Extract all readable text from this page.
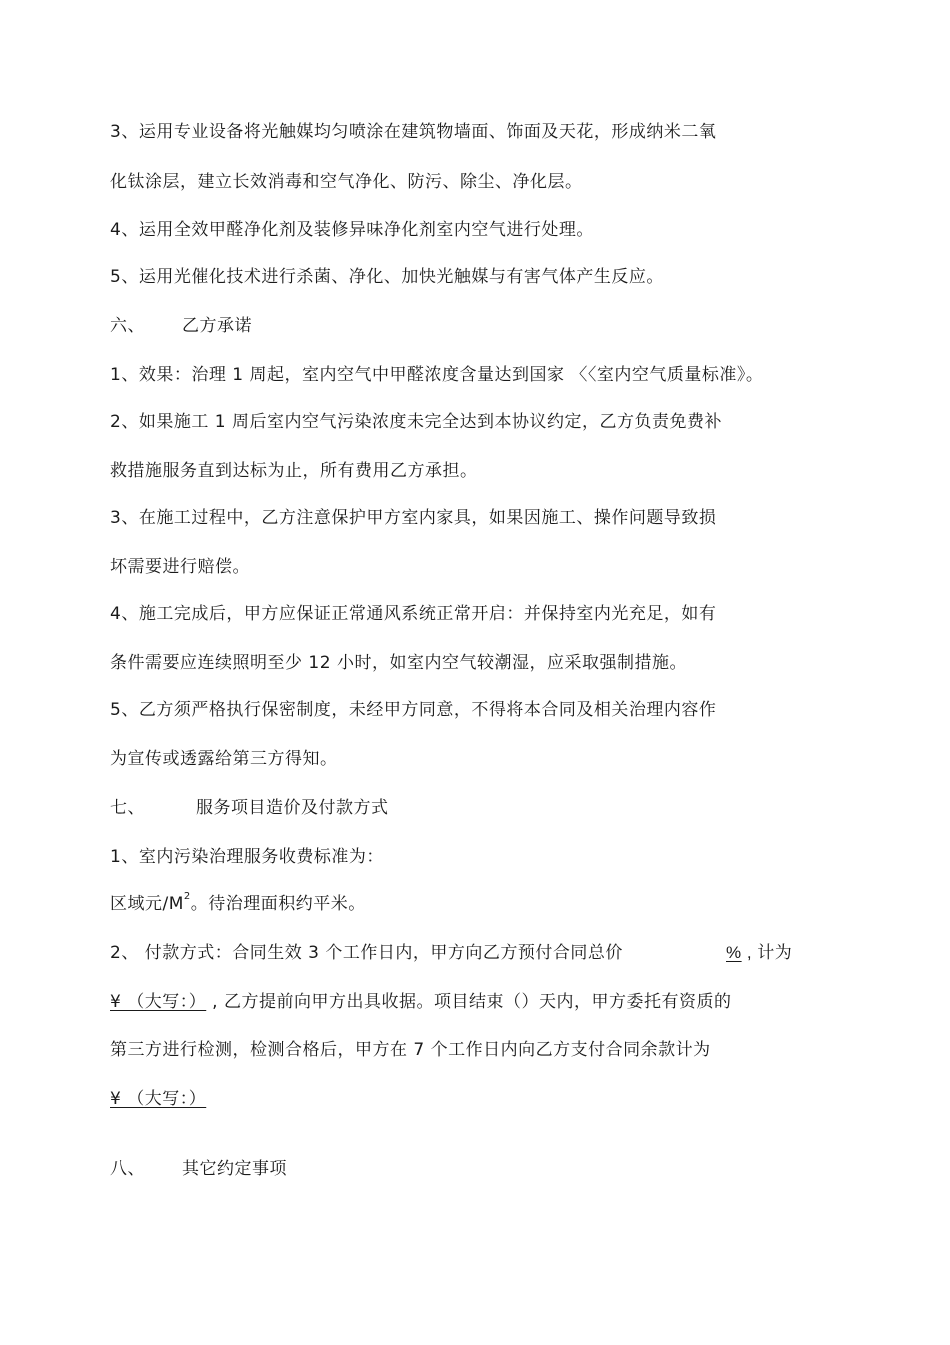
3、运用专业设备将光触媒均匀喷涂在建筑物墙面、饰面及天花，形成纳米二氧
化钛涂层，建立长效消毒和空气净化、防污、除尘、净化层。
4、运用全效甲醛净化剂及装修异味净化剂室内空气进行处理。
5、运用光催化技术进行杀菌、净化、加快光触媒与有害气体产生反应。
六、 乙方承诺
1、效果：治理 1 周起，室内空气中甲醛浓度含量达到国家 〈〈室内空气质量标准》。
2、如果施工 1 周后室内空气污染浓度未完全达到本协议约定，乙方负责免费补
救措施服务直到达标为止，所有费用乙方承担。
3、在施工过程中，乙方注意保护甲方室内家具，如果因施工、操作问题导致损
坏需要进行赔偿。
4、施工完成后，甲方应保证正常通风系统正常开启：并保持室内光充足，如有
条件需要应连续照明至少 12 小时，如室内空气较潮湿，应采取强制措施。
5、乙方须严格执行保密制度，未经甲方同意，不得将本合同及相关治理内容作
为宣传或透露给第三方得知。
七、	服务项目造价及付款方式
1、室内污染治理服务收费标准为：
区域元$/M^2$。待治理面积约平米。
2、 付款方式：合同生效 3 个工作日内，甲方向乙方预付合同总价	% , 计为
¥ （大写：） , 乙方提前向甲方出具收据。项目结束（）天内，甲方委托有资质的
第三方进行检测，检测合格后，甲方在 7 个工作日内向乙方支付合同余款计为
¥ （大写：）
八、 其它约定事项
